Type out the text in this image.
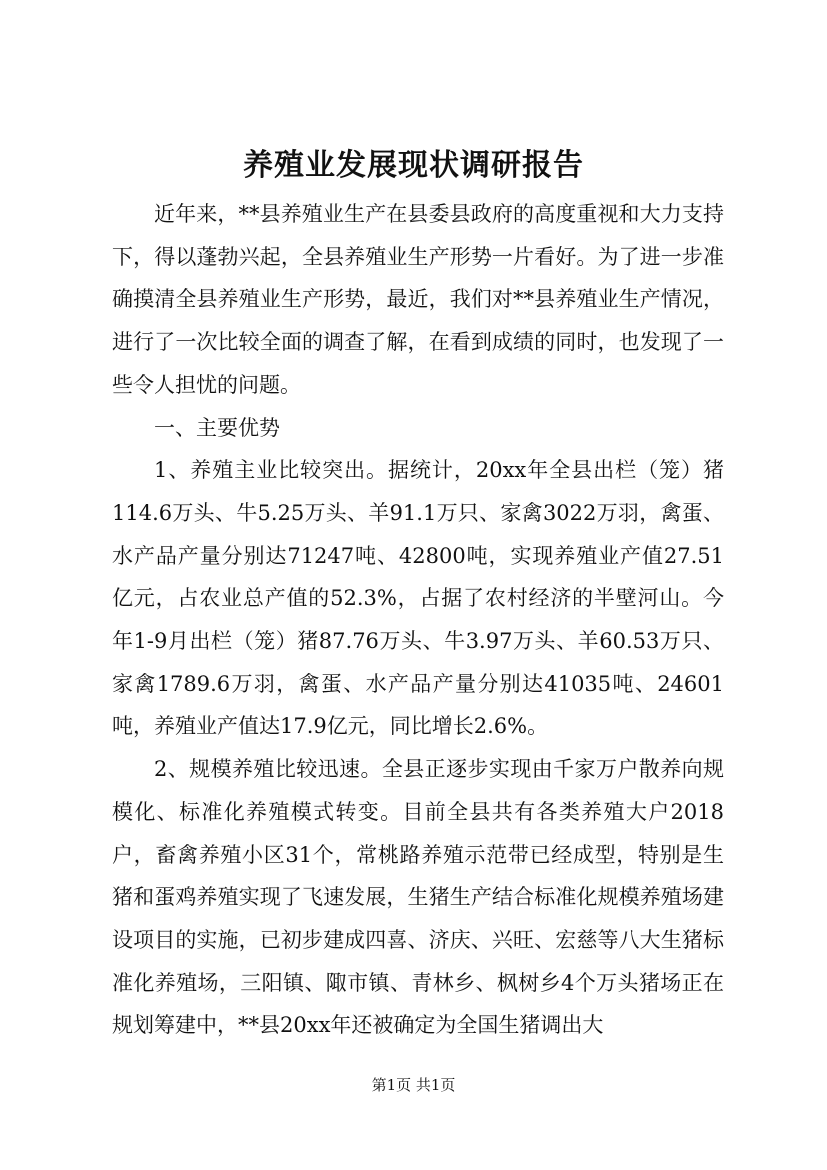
养殖业发展现状调研报告

近年来，**县养殖业生产在县委县政府的高度重视和大力支持下，得以蓬勃兴起，全县养殖业生产形势一片看好。为了进一步准确摸清全县养殖业生产形势，最近，我们对**县养殖业生产情况，进行了一次比较全面的调查了解，在看到成绩的同时，也发现了一些令人担忧的问题。

一、主要优势

1、养殖主业比较突出。据统计，20xx年全县出栏（笼）猪114.6万头、牛5.25万头、羊91.1万只、家禽3022万羽，禽蛋、水产品产量分别达71247吨、42800吨，实现养殖业产值27.51亿元，占农业总产值的52.3%，占据了农村经济的半壁河山。今年1-9月出栏（笼）猪87.76万头、牛3.97万头、羊60.53万只、家禽1789.6万羽，禽蛋、水产品产量分别达41035吨、24601吨，养殖业产值达17.9亿元，同比增长2.6%。

2、规模养殖比较迅速。全县正逐步实现由千家万户散养向规模化、标准化养殖模式转变。目前全县共有各类养殖大户2018户，畜禽养殖小区31个，常桃路养殖示范带已经成型，特别是生猪和蛋鸡养殖实现了飞速发展，生猪生产结合标准化规模养殖场建设项目的实施，已初步建成四喜、济庆、兴旺、宏慈等八大生猪标准化养殖场，三阳镇、陬市镇、青林乡、枫树乡4个万头猪场正在规划筹建中，**县20xx年还被确定为全国生猪调出大

第1页 共1页
